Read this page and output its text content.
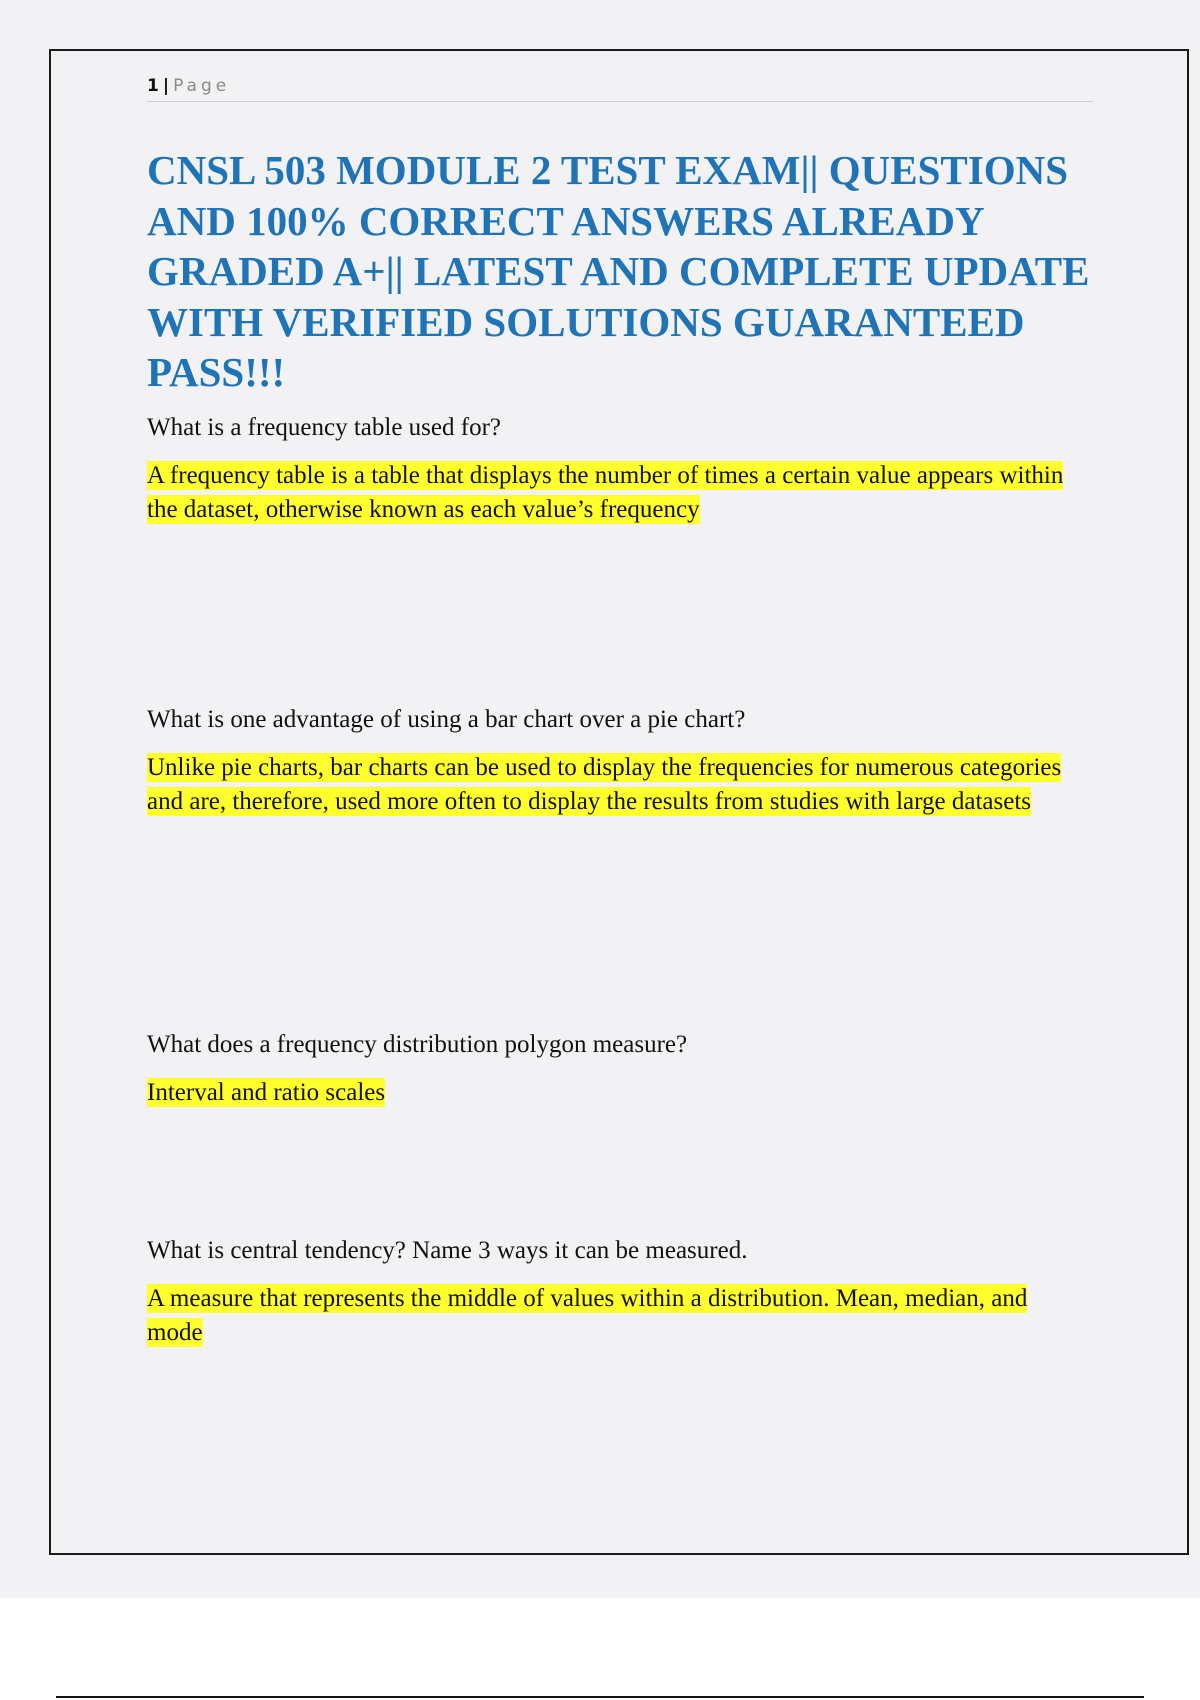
1 | Page
CNSL 503 MODULE 2 TEST EXAM|| QUESTIONS AND 100% CORRECT ANSWERS ALREADY GRADED A+|| LATEST AND COMPLETE UPDATE WITH VERIFIED SOLUTIONS GUARANTEED PASS!!!

What is a frequency table used for?

A frequency table is a table that displays the number of times a certain value appears within the dataset, otherwise known as each value’s frequency

What is one advantage of using a bar chart over a pie chart?

Unlike pie charts, bar charts can be used to display the frequencies for numerous categories and are, therefore, used more often to display the results from studies with large datasets

What does a frequency distribution polygon measure?

Interval and ratio scales

What is central tendency? Name 3 ways it can be measured.

A measure that represents the middle of values within a distribution. Mean, median, and mode
